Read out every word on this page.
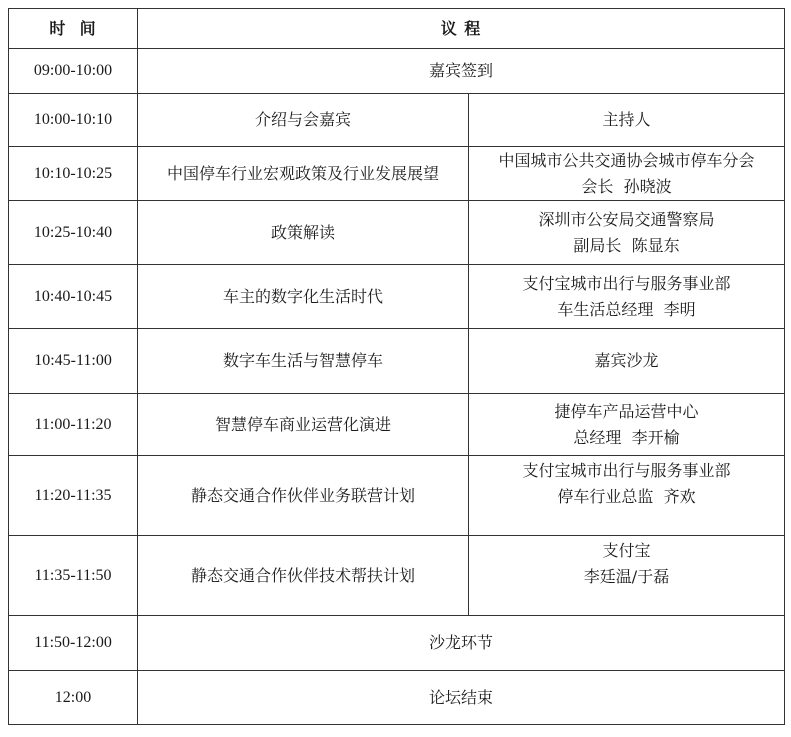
时  间	议 程	
09:00-10:00	嘉宾签到	
10:00-10:10	介绍与会嘉宾	主持人

10:10-10:25	中国停车行业宏观政策及行业发展展望	中国城市公共交通协会城市停车分会
会长  孙晓波

10:25-10:40	政策解读	深圳市公安局交通警察局
副局长  陈显东

10:40-10:45	车主的数字化生活时代	支付宝城市出行与服务事业部
车生活总经理  李明

10:45-11:00	数字车生活与智慧停车	嘉宾沙龙

11:00-11:20	智慧停车商业运营化演进	捷停车产品运营中心
总经理  李开榆

11:20-11:35	静态交通合作伙伴业务联营计划	支付宝城市出行与服务事业部
停车行业总监  齐欢

11:35-11:50	静态交通合作伙伴技术帮扶计划	支付宝
李廷温/于磊

11:50-12:00	沙龙环节	
12:00	论坛结束	
